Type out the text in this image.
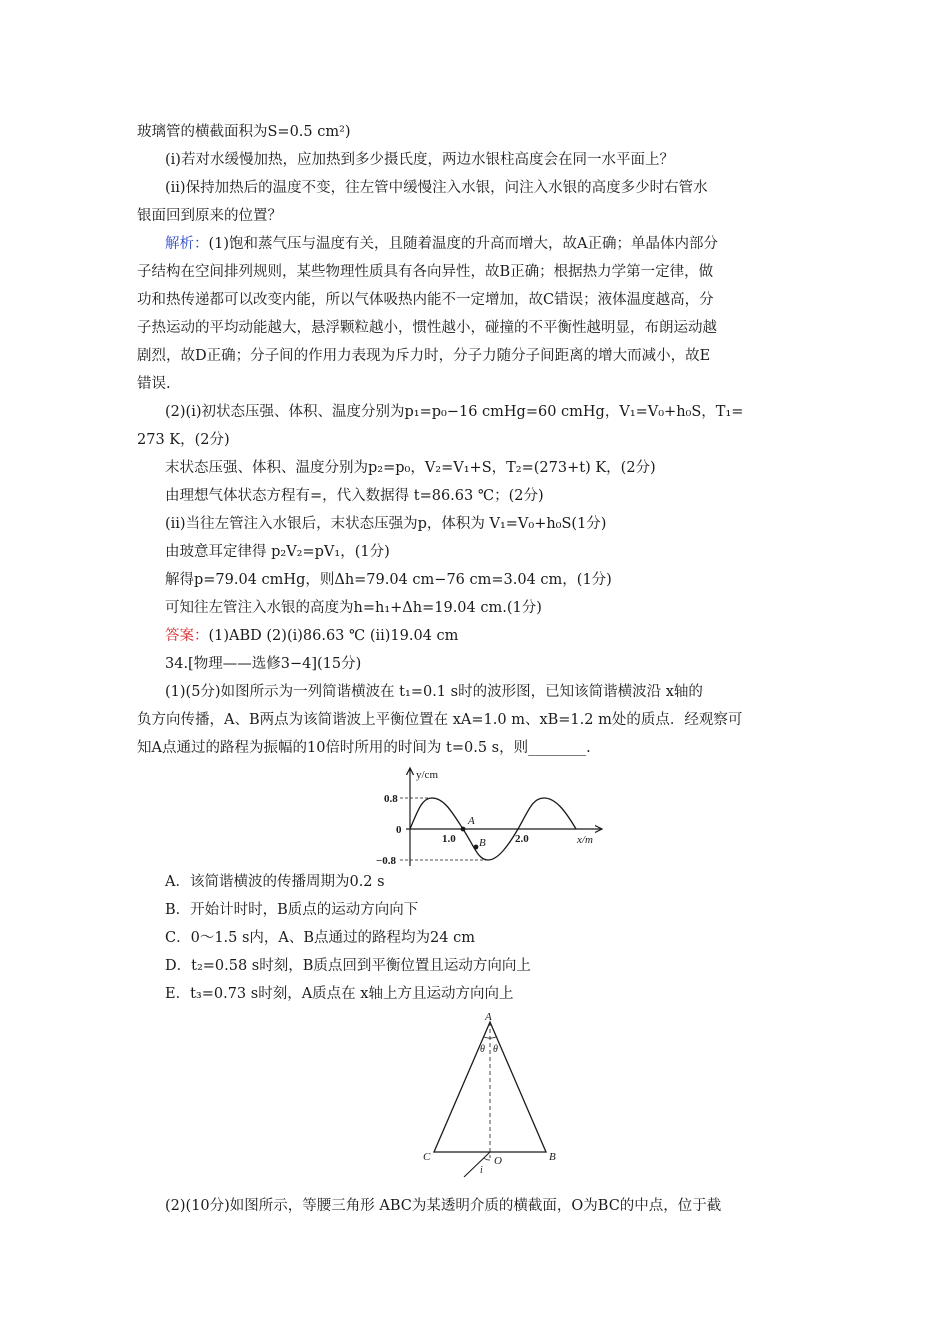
玻璃管的横截面积为S=0.5 cm²)
(ⅰ)若对水缓慢加热，应加热到多少摄氏度，两边水银柱高度会在同一水平面上？
(ⅱ)保持加热后的温度不变，往左管中缓慢注入水银，问注入水银的高度多少时右管水
银面回到原来的位置？
解析：(1)饱和蒸气压与温度有关，且随着温度的升高而增大，故A正确；单晶体内部分
子结构在空间排列规则，某些物理性质具有各向异性，故B正确；根据热力学第一定律，做
功和热传递都可以改变内能，所以气体吸热内能不一定增加，故C错误；液体温度越高，分
子热运动的平均动能越大，悬浮颗粒越小，惯性越小，碰撞的不平衡性越明显，布朗运动越
剧烈，故D正确；分子间的作用力表现为斥力时，分子力随分子间距离的增大而减小，故E
错误.
(2)(ⅰ)初状态压强、体积、温度分别为p₁=p₀−16 cmHg=60 cmHg，V₁=V₀+h₀S，T₁=
273 K，(2分)
末状态压强、体积、温度分别为p₂=p₀，V₂=V₁+S，T₂=(273+t) K，(2分)
由理想气体状态方程有=，代入数据得 t=86.63 ℃；(2分)
(ⅱ)当往左管注入水银后，末状态压强为p，体积为 V₁=V₀+h₀S(1分)
由玻意耳定律得 p₂V₂=pV₁，(1分)
解得p=79.04 cmHg，则Δh=79.04 cm−76 cm=3.04 cm，(1分)
可知往左管注入水银的高度为h=h₁+Δh=19.04 cm.(1分)
答案：(1)ABD (2)(ⅰ)86.63 ℃ (ⅱ)19.04 cm
34.[物理——选修3−4](15分)
(1)(5分)如图所示为一列简谐横波在 t₁=0.1 s时的波形图，已知该简谐横波沿 x轴的
负方向传播，A、B两点为该简谐波上平衡位置在 xA=1.0 m、xB=1.2 m处的质点．经观察可
知A点通过的路程为振幅的10倍时所用的时间为 t=0.5 s，则________.
y/cm
x/m
0.8
0
−0.8
1.0	2.0
A
B
A．该简谐横波的传播周期为0.2 s
B．开始计时时，B质点的运动方向向下
C．0～1.5 s内，A、B点通过的路程均为24 cm
D．t₂=0.58 s时刻，B质点回到平衡位置且运动方向向上
E．t₃=0.73 s时刻，A质点在 x轴上方且运动方向向上
A
C	B
O
θ θ
i
(2)(10分)如图所示，等腰三角形 ABC为某透明介质的横截面，O为BC的中点，位于截
